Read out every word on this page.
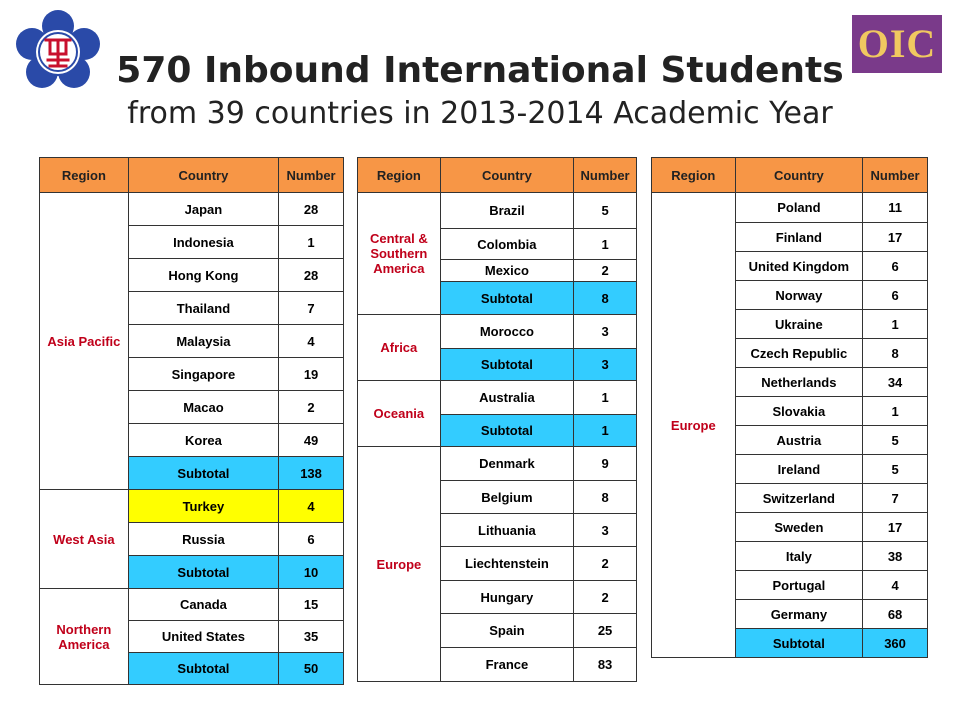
OIC
570 Inbound International Students
from 39 countries in 2013-2014 Academic Year
Region	Country	Number
Asia Pacific	Japan	28
	Indonesia	1
	Hong Kong	28
	Thailand	7
	Malaysia	4
	Singapore	19
	Macao	2
	Korea	49
	Subtotal	138
West Asia	Turkey	4
	Russia	6
	Subtotal	10
Northern America	Canada	15
	United States	35
	Subtotal	50
Region	Country	Number
Central & Southern America	Brazil	5
	Colombia	1
	Mexico	2
	Subtotal	8
Africa	Morocco	3
	Subtotal	3
Oceania	Australia	1
	Subtotal	1
Europe	Denmark	9
	Belgium	8
	Lithuania	3
	Liechtenstein	2
	Hungary	2
	Spain	25
	France	83
Region	Country	Number
Europe	Poland	11
	Finland	17
	United Kingdom	6
	Norway	6
	Ukraine	1
	Czech Republic	8
	Netherlands	34
	Slovakia	1
	Austria	5
	Ireland	5
	Switzerland	7
	Sweden	17
	Italy	38
	Portugal	4
	Germany	68
	Subtotal	360
